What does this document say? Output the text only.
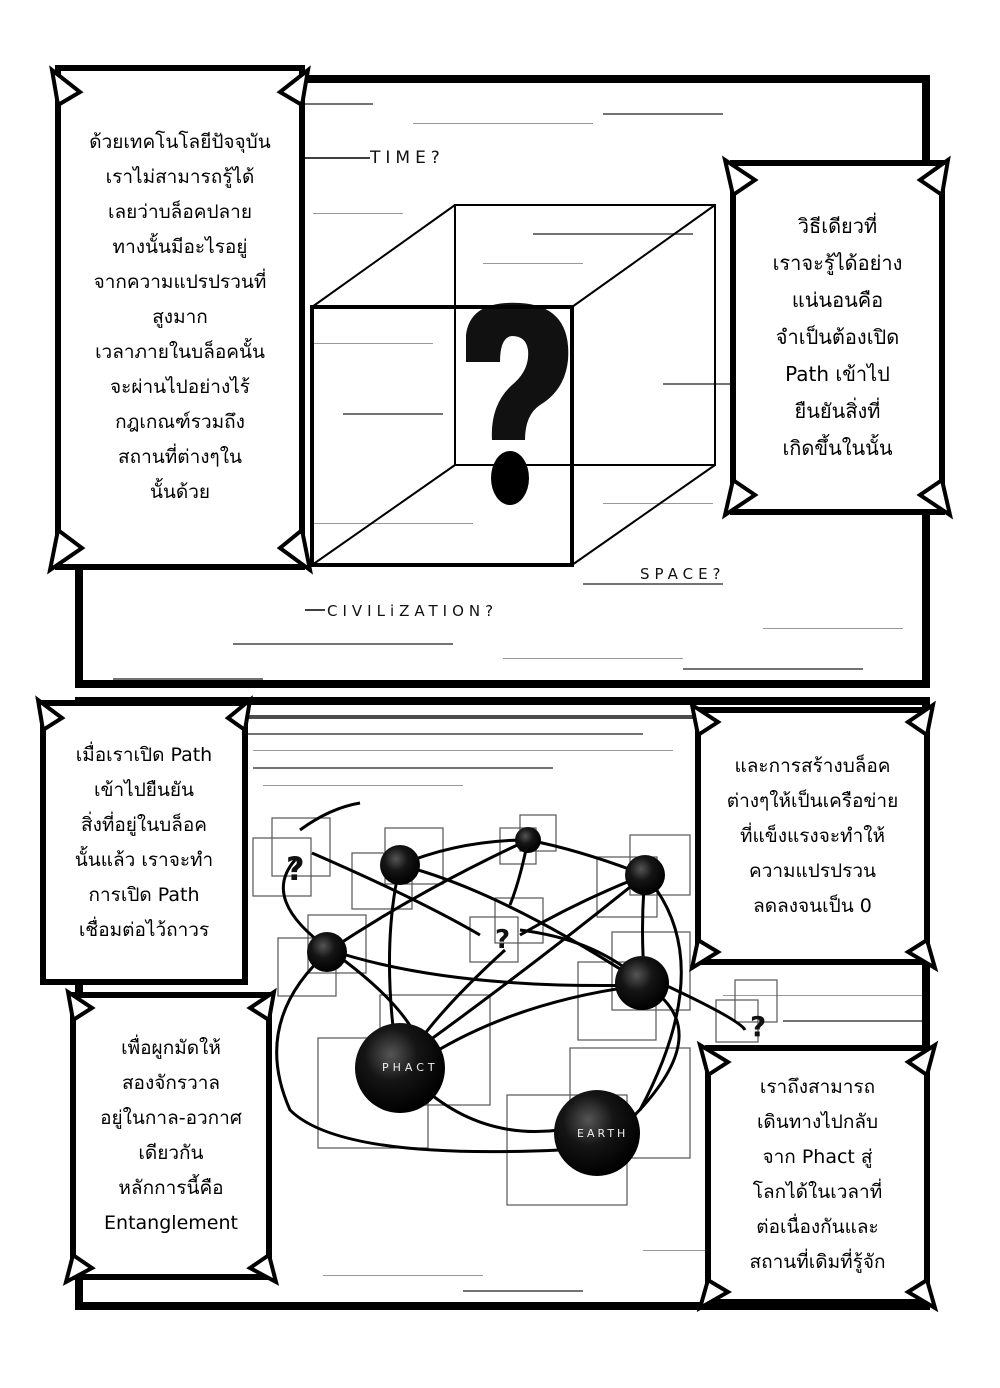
TIME?
SPACE?
CIVILiZATION?
ด้วยเทคโนโลยีปัจจุบัน
เราไม่สามารถรู้ได้
เลยว่าบล็อคปลาย
ทางนั้นมีอะไรอยู่
จากความแปรปรวนที่
สูงมาก
เวลาภายในบล็อคนั้น
จะผ่านไปอย่างไร้
กฎเกณฑ์รวมถึง
สถานที่ต่างๆใน
นั้นด้วย
วิธีเดียวที่
เราจะรู้ได้อย่าง
แน่นอนคือ
จำเป็นต้องเปิด
Path เข้าไป
ยืนยันสิ่งที่
เกิดขึ้นในนั้น
?
?
?
PHACT
EARTH
เมื่อเราเปิด Path
เข้าไปยืนยัน
สิ่งที่อยู่ในบล็อค
นั้นแล้ว เราจะทำ
การเปิด Path
เชื่อมต่อไว้ถาวร
เพื่อผูกมัดให้
สองจักรวาล
อยู่ในกาล-อวกาศ
เดียวกัน
หลักการนี้คือ
Entanglement
และการสร้างบล็อค
ต่างๆให้เป็นเครือข่าย
ที่แข็งแรงจะทำให้
ความแปรปรวน
ลดลงจนเป็น 0
เราถึงสามารถ
เดินทางไปกลับ
จาก Phact สู่
โลกได้ในเวลาที่
ต่อเนื่องกันและ
สถานที่เดิมที่รู้จัก
